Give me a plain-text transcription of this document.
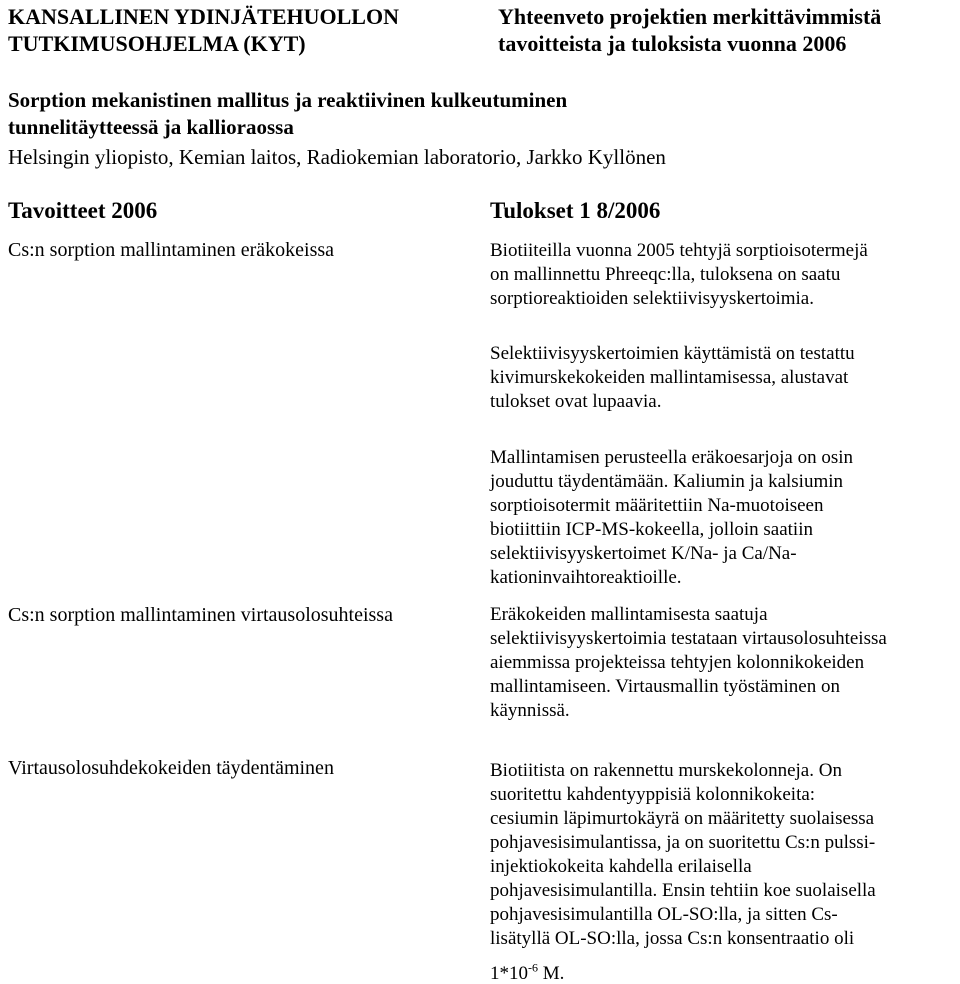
KANSALLINEN YDINJÄTEHUOLLON
TUTKIMUSOHJELMA (KYT)
Yhteenveto projektien merkittävimmistä
tavoitteista ja tuloksista vuonna 2006
Sorption mekanistinen mallitus ja reaktiivinen kulkeutuminen
tunnelitäytteessä ja kallioraossa
Helsingin yliopisto, Kemian laitos, Radiokemian laboratorio, Jarkko Kyllönen
Tavoitteet 2006	Tulokset 1 8/2006
Cs:n sorption mallintaminen eräkokeissa
Cs:n sorption mallintaminen virtausolosuhteissa
Virtausolosuhdekokeiden täydentäminen
Biotiiteilla vuonna 2005 tehtyjä sorptioisotermejä
on mallinnettu Phreeqc:lla, tuloksena on saatu
sorptioreaktioiden selektiivisyyskertoimia.
Selektiivisyyskertoimien käyttämistä on testattu
kivimurskekokeiden mallintamisessa, alustavat
tulokset ovat lupaavia.
Mallintamisen perusteella eräkoesarjoja on osin
jouduttu täydentämään. Kaliumin ja kalsiumin
sorptioisotermit määritettiin Na-muotoiseen
biotiittiin ICP-MS-kokeella, jolloin saatiin
selektiivisyyskertoimet K/Na- ja Ca/Na-
kationinvaihtoreaktioille.
Eräkokeiden mallintamisesta saatuja
selektiivisyyskertoimia testataan virtausolosuhteissa
aiemmissa projekteissa tehtyjen kolonnikokeiden
mallintamiseen. Virtausmallin työstäminen on
käynnissä.
Biotiitista on rakennettu murskekolonneja. On
suoritettu kahdentyyppisiä kolonnikokeita:
cesiumin läpimurtokäyrä on määritetty suolaisessa
pohjavesisimulantissa, ja on suoritettu Cs:n pulssi-
injektiokokeita kahdella erilaisella
pohjavesisimulantilla. Ensin tehtiin koe suolaisella
pohjavesisimulantilla OL-SO:lla, ja sitten Cs-
lisätyllä OL-SO:lla, jossa Cs:n konsentraatio oli
$1*10^{-6}$ M.
